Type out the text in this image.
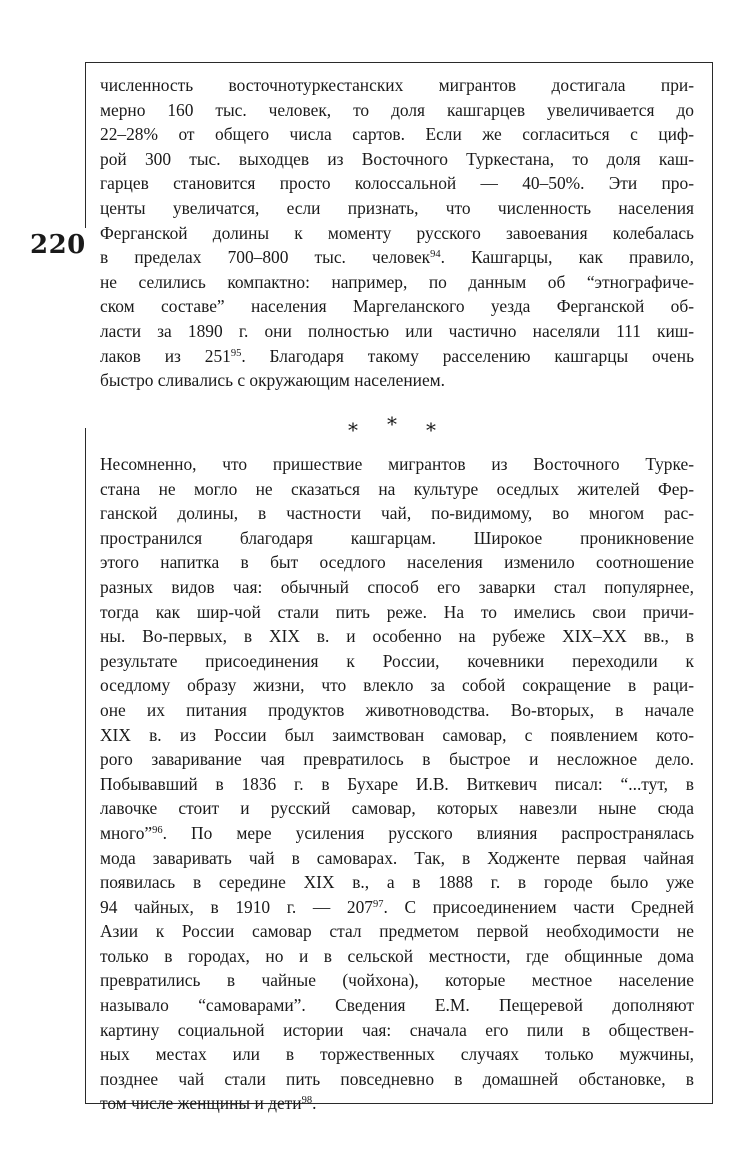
220
численность восточнотуркестанских мигрантов достигала при-
мерно 160 тыс. человек, то доля кашгарцев увеличивается до
22–28% от общего числа сартов. Если же согласиться с циф-
рой 300 тыс. выходцев из Восточного Туркестана, то доля каш-
гарцев становится просто колоссальной — 40–50%. Эти про-
центы увеличатся, если признать, что численность населения
Ферганской долины к моменту русского завоевания колебалась
в пределах 700–800 тыс. человек$^{94}$. Кашгарцы, как правило,
не селились компактно: например, по данным об “этнографиче-
ском составе” населения Маргеланского уезда Ферганской об-
ласти за 1890 г. они полностью или частично населяли 111 киш-
лаков из $251^{95}$. Благодаря такому расселению кашгарцы очень
быстро сливались с окружающим населением.
* * *
Несомненно, что пришествие мигрантов из Восточного Турке-
стана не могло не сказаться на культуре оседлых жителей Фер-
ганской долины, в частности чай, по-видимому, во многом рас-
пространился благодаря кашгарцам. Широкое проникновение
этого напитка в быт оседлого населения изменило соотношение
разных видов чая: обычный способ его заварки стал популярнее,
тогда как шир-чой стали пить реже. На то имелись свои причи-
ны. Во-первых, в XIX в. и особенно на рубеже XIX–XX вв., в
результате присоединения к России, кочевники переходили к
оседлому образу жизни, что влекло за собой сокращение в раци-
оне их питания продуктов животноводства. Во-вторых, в начале
XIX в. из России был заимствован самовар, с появлением кото-
рого заваривание чая превратилось в быстрое и несложное дело.
Побывавший в 1836 г. в Бухаре И.В. Виткевич писал: “...тут, в
лавочке стоит и русский самовар, которых навезли ныне сюда
много”$^{96}$. По мере усиления русского влияния распространялась
мода заваривать чай в самоварах. Так, в Ходженте первая чайная
появилась в середине XIX в., а в 1888 г. в городе было уже
94 чайных, в 1910 г. — $207^{97}$. С присоединением части Средней
Азии к России самовар стал предметом первой необходимости не
только в городах, но и в сельской местности, где общинные дома
превратились в чайные (чойхона), которые местное население
называло “самоварами”. Сведения Е.М. Пещеревой дополняют
картину социальной истории чая: сначала его пили в обществен-
ных местах или в торжественных случаях только мужчины,
позднее чай стали пить повседневно в домашней обстановке, в
том числе женщины и дети$^{98}$.
